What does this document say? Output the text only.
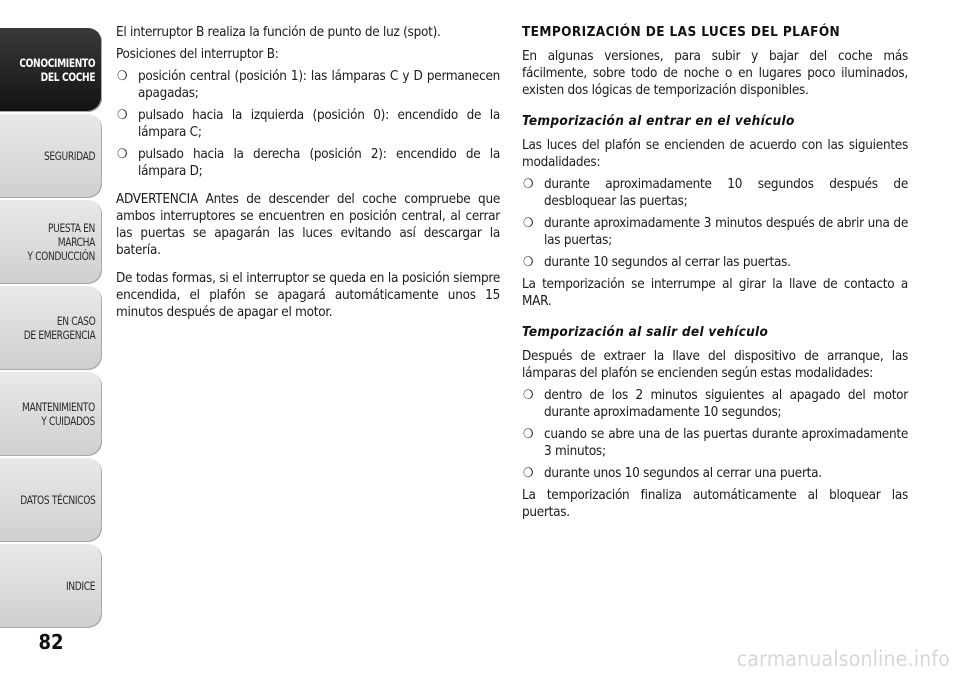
CONOCIMIENTO
DEL COCHE
SEGURIDAD
PUESTA EN MARCHA
Y CONDUCCIÓN
EN CASO
DE EMERGENCIA
MANTENIMIENTO
Y CUIDADOS
DATOS TÉCNICOS
INDICE
82

El interruptor B realiza la función de punto de luz (spot).

Posiciones del interruptor B:

❍ posición central (posición 1): las lámparas C y D permanecen apagadas;
❍ pulsado hacia la izquierda (posición 0): encendido de la lámpara C;
❍ pulsado hacia la derecha (posición 2): encendido de la lámpara D;

ADVERTENCIA Antes de descender del coche compruebe que ambos interruptores se encuentren en posición central, al cerrar las puertas se apagarán las luces evitando así descargar la batería.

De todas formas, si el interruptor se queda en la posición siempre encendida, el plafón se apagará automáticamente unos 15 minutos después de apagar el motor.

TEMPORIZACIÓN DE LAS LUCES DEL PLAFÓN

En algunas versiones, para subir y bajar del coche más fácilmente, sobre todo de noche o en lugares poco iluminados, existen dos lógicas de temporización disponibles.

Temporización al entrar en el vehículo

Las luces del plafón se encienden de acuerdo con las siguientes modalidades:

❍ durante aproximadamente 10 segundos después de desbloquear las puertas;
❍ durante aproximadamente 3 minutos después de abrir una de las puertas;
❍ durante 10 segundos al cerrar las puertas.

La temporización se interrumpe al girar la llave de contacto a MAR.

Temporización al salir del vehículo

Después de extraer la llave del dispositivo de arranque, las lámparas del plafón se encienden según estas modalidades:

❍ dentro de los 2 minutos siguientes al apagado del motor durante aproximadamente 10 segundos;
❍ cuando se abre una de las puertas durante aproximadamente 3 minutos;
❍ durante unos 10 segundos al cerrar una puerta.

La temporización finaliza automáticamente al bloquear las puertas.

carmanualsonline.info
